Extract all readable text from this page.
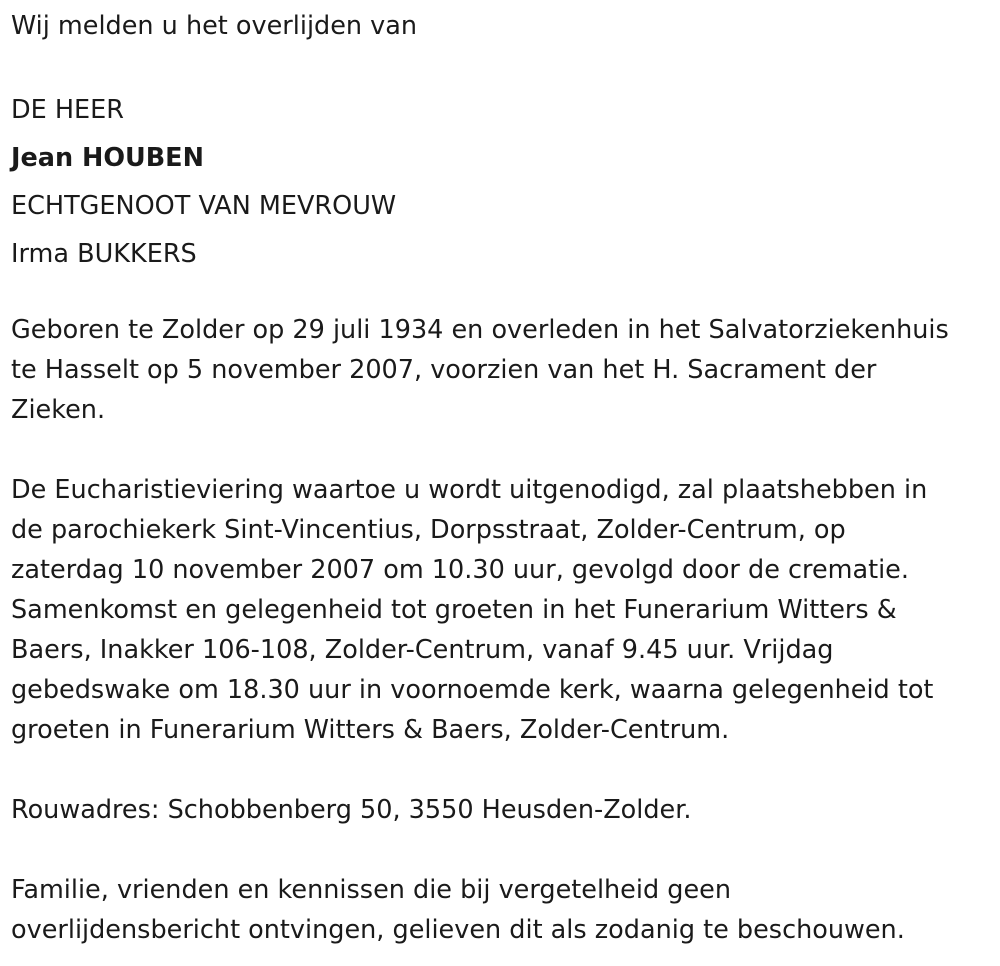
Wij melden u het overlijden van

DE HEER

Jean HOUBEN

ECHTGENOOT VAN MEVROUW

Irma BUKKERS

Geboren te Zolder op 29 juli 1934 en overleden in het Salvatorziekenhuis

te Hasselt op 5 november 2007, voorzien van het H. Sacrament der

Zieken.

De Eucharistieviering waartoe u wordt uitgenodigd, zal plaatshebben in

de parochiekerk Sint-Vincentius, Dorpsstraat, Zolder-Centrum, op

zaterdag 10 november 2007 om 10.30 uur, gevolgd door de crematie.

Samenkomst en gelegenheid tot groeten in het Funerarium Witters &

Baers, Inakker 106-108, Zolder-Centrum, vanaf 9.45 uur. Vrijdag

gebedswake om 18.30 uur in voornoemde kerk, waarna gelegenheid tot

groeten in Funerarium Witters & Baers, Zolder-Centrum.

Rouwadres: Schobbenberg 50, 3550 Heusden-Zolder.

Familie, vrienden en kennissen die bij vergetelheid geen

overlijdensbericht ontvingen, gelieven dit als zodanig te beschouwen.
